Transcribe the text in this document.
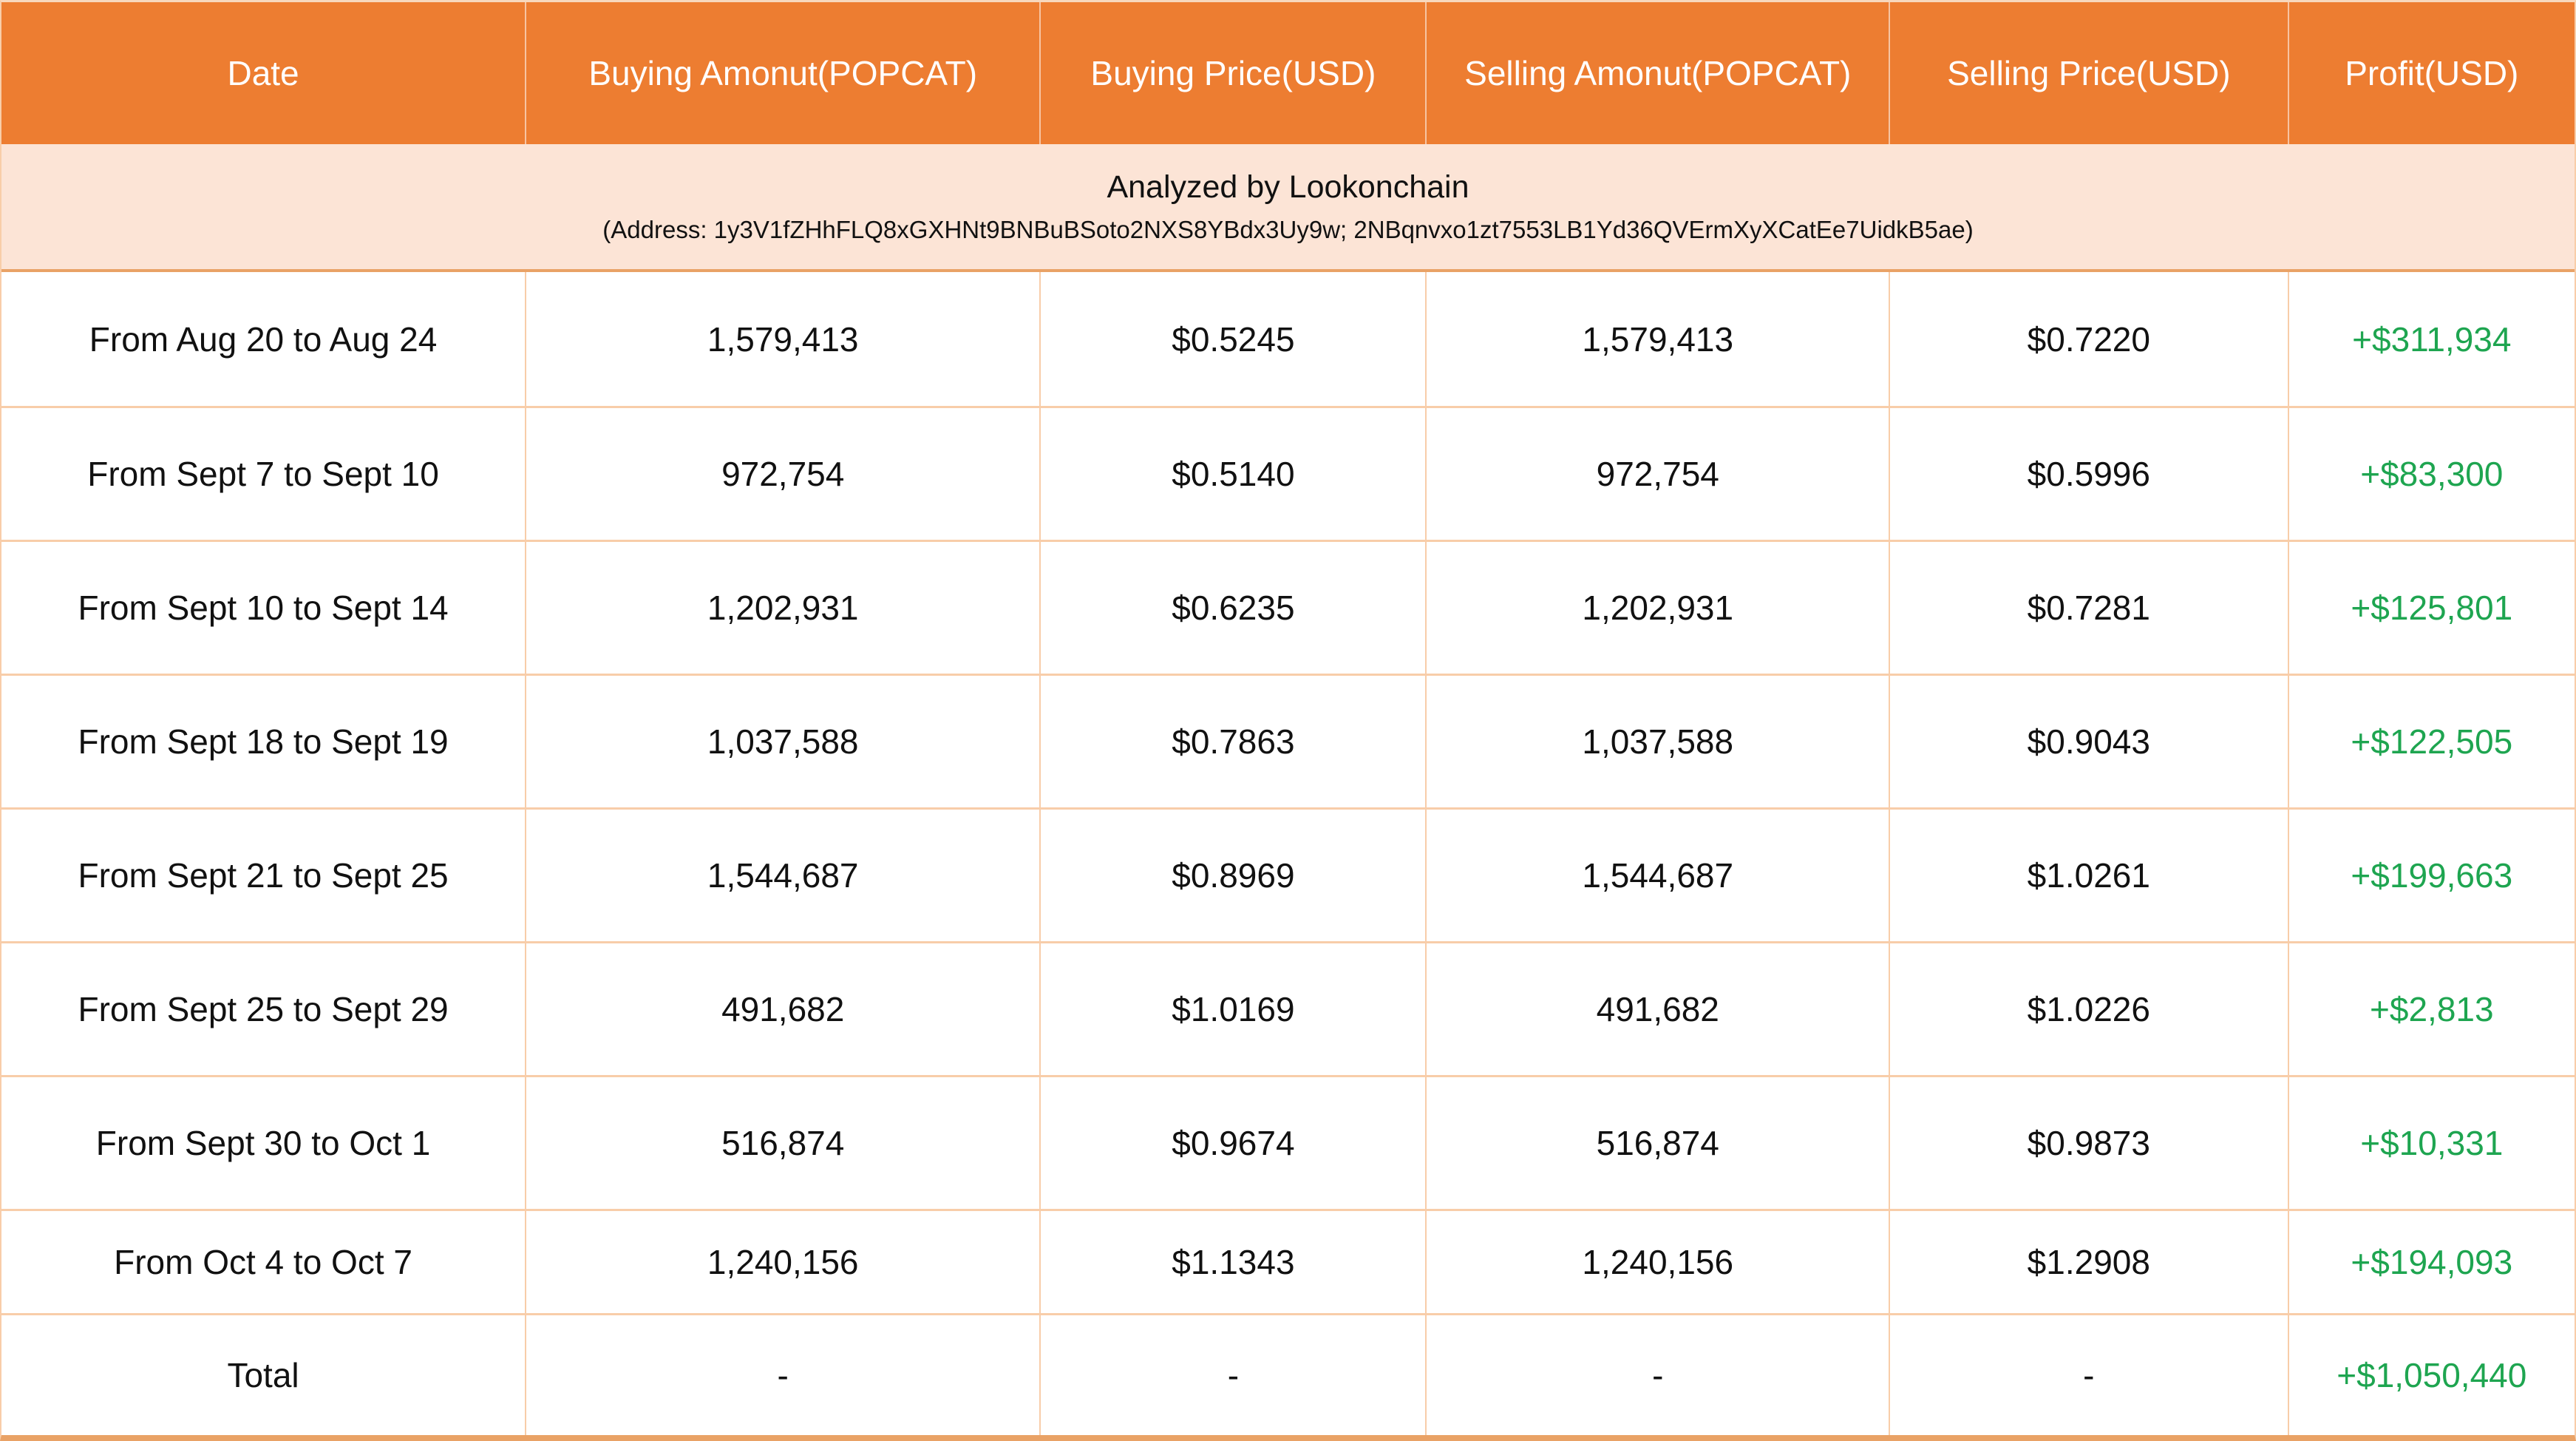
Date	Buying Amonut(POPCAT)	Buying Price(USD)	Selling Amonut(POPCAT)	Selling Price(USD)	Profit(USD)
Analyzed by Lookonchain
(Address: 1y3V1fZHhFLQ8xGXHNt9BNBuBSoto2NXS8YBdx3Uy9w; 2NBqnvxo1zt7553LB1Yd36QVErmXyXCatEe7UidkB5ae)
From Aug 20 to Aug 24	1,579,413	$0.5245	1,579,413	$0.7220	+$311,934
From Sept 7 to Sept 10	972,754	$0.5140	972,754	$0.5996	+$83,300
From Sept 10 to Sept 14	1,202,931	$0.6235	1,202,931	$0.7281	+$125,801
From Sept 18 to Sept 19	1,037,588	$0.7863	1,037,588	$0.9043	+$122,505
From Sept 21 to Sept 25	1,544,687	$0.8969	1,544,687	$1.0261	+$199,663
From Sept 25 to Sept 29	491,682	$1.0169	491,682	$1.0226	+$2,813
From Sept 30 to Oct 1	516,874	$0.9674	516,874	$0.9873	+$10,331
From Oct 4 to Oct 7	1,240,156	$1.1343	1,240,156	$1.2908	+$194,093
Total	-	-	-	-	+$1,050,440
